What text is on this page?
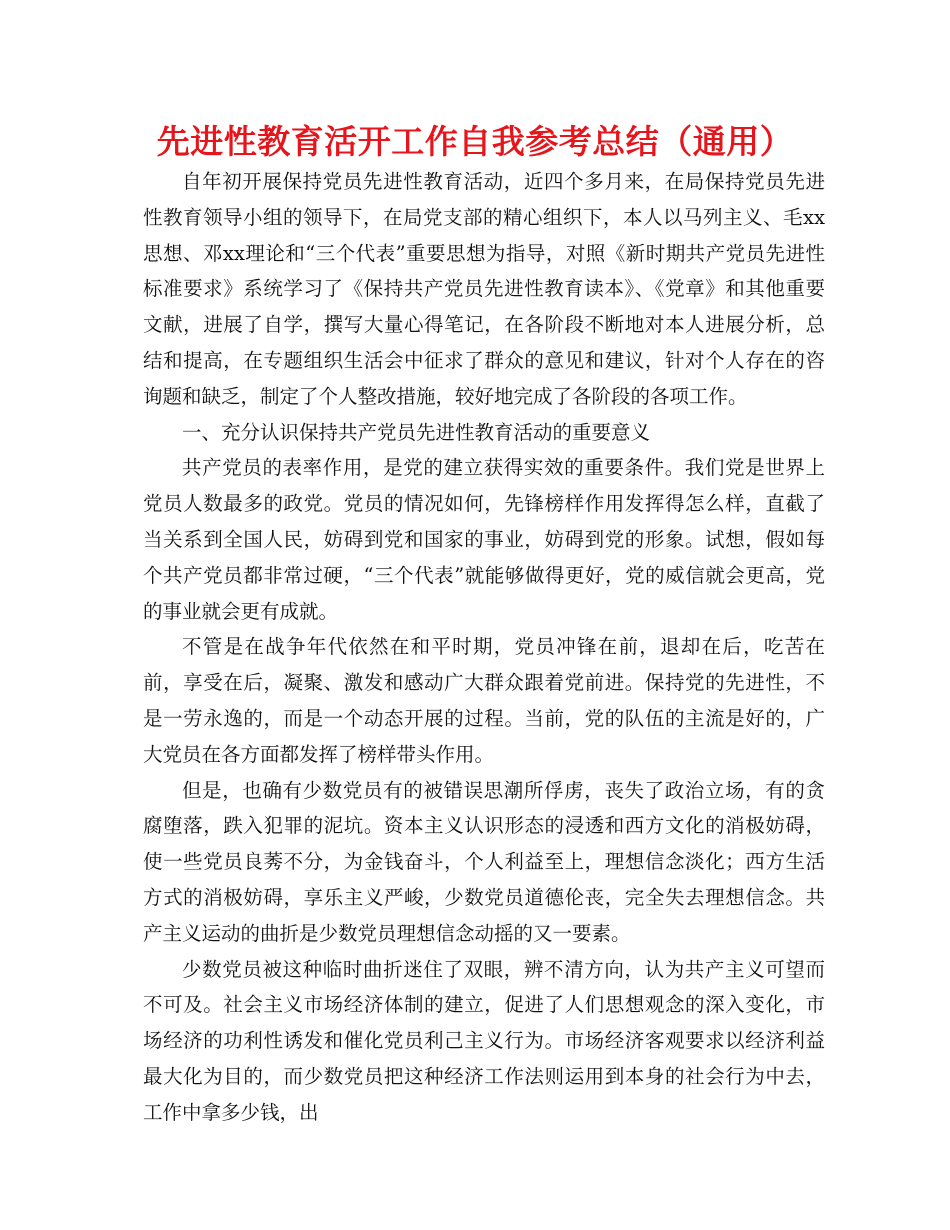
先进性教育活开工作自我参考总结（通用）

自年初开展保持党员先进性教育活动，近四个多月来，在局保持党员先进性教育领导小组的领导下，在局党支部的精心组织下，本人以马列主义、毛xx思想、邓xx理论和“三个代表”重要思想为指导，对照《新时期共产党员先进性标准要求》系统学习了《保持共产党员先进性教育读本》、《党章》和其他重要文献，进展了自学，撰写大量心得笔记，在各阶段不断地对本人进展分析，总结和提高，在专题组织生活会中征求了群众的意见和建议，针对个人存在的咨询题和缺乏，制定了个人整改措施，较好地完成了各阶段的各项工作。

一、充分认识保持共产党员先进性教育活动的重要意义

共产党员的表率作用，是党的建立获得实效的重要条件。我们党是世界上党员人数最多的政党。党员的情况如何，先锋榜样作用发挥得怎么样，直截了当关系到全国人民，妨碍到党和国家的事业，妨碍到党的形象。试想，假如每个共产党员都非常过硬，“三个代表”就能够做得更好，党的威信就会更高，党的事业就会更有成就。

不管是在战争年代依然在和平时期，党员冲锋在前，退却在后，吃苦在前，享受在后，凝聚、激发和感动广大群众跟着党前进。保持党的先进性，不是一劳永逸的，而是一个动态开展的过程。当前，党的队伍的主流是好的，广大党员在各方面都发挥了榜样带头作用。

但是，也确有少数党员有的被错误思潮所俘虏，丧失了政治立场，有的贪腐堕落，跌入犯罪的泥坑。资本主义认识形态的浸透和西方文化的消极妨碍，使一些党员良莠不分，为金钱奋斗，个人利益至上，理想信念淡化；西方生活方式的消极妨碍，享乐主义严峻，少数党员道德伦丧，完全失去理想信念。共产主义运动的曲折是少数党员理想信念动摇的又一要素。

少数党员被这种临时曲折迷住了双眼，辨不清方向，认为共产主义可望而不可及。社会主义市场经济体制的建立，促进了人们思想观念的深入变化，市场经济的功利性诱发和催化党员利己主义行为。市场经济客观要求以经济利益最大化为目的，而少数党员把这种经济工作法则运用到本身的社会行为中去，工作中拿多少钱，出
